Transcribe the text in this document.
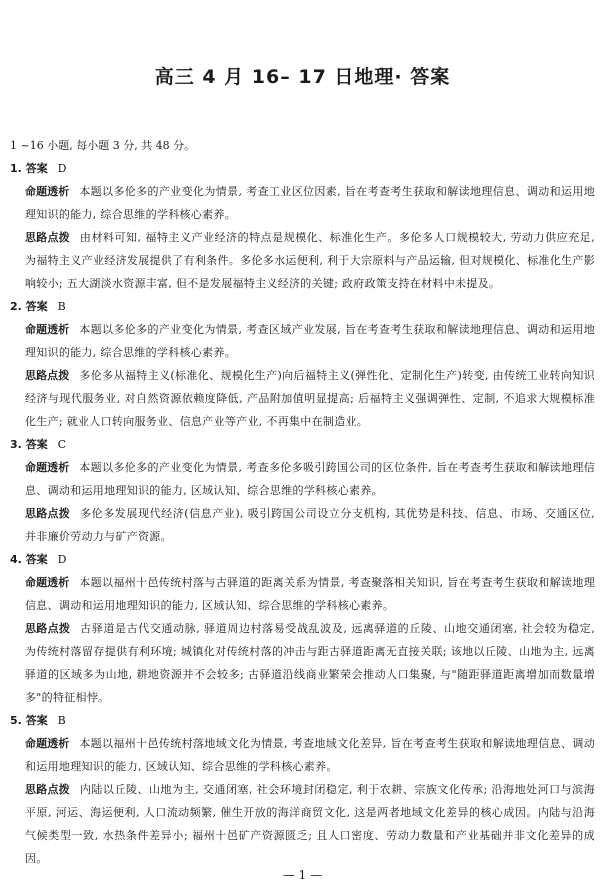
高三 4 月 16– 17 日地理· 答案
1 ~16 小题, 每小题 3 分, 共 48 分。
1. 答案 D
命题透析 本题以多伦多的产业变化为情景, 考查工业区位因素, 旨在考查考生获取和解读地理信息、调动和运用地理知识的能力, 综合思维的学科核心素养。
思路点拨 由材料可知, 福特主义产业经济的特点是规模化、标准化生产。多伦多人口规模较大, 劳动力供应充足, 为福特主义产业经济发展提供了有利条件。多伦多水运便利, 利于大宗原料与产品运输, 但对规模化、标准化生产影响较小; 五大湖淡水资源丰富, 但不是发展福特主义经济的关键; 政府政策支持在材料中未提及。
2. 答案 B
命题透析 本题以多伦多的产业变化为情景, 考查区域产业发展, 旨在考查考生获取和解读地理信息、调动和运用地理知识的能力, 综合思维的学科核心素养。
思路点拨 多伦多从福特主义(标准化、规模化生产)向后福特主义(弹性化、定制化生产)转变, 由传统工业转向知识经济与现代服务业, 对自然资源依赖度降低, 产品附加值明显提高; 后福特主义强调弹性、定制, 不追求大规模标准化生产; 就业人口转向服务业、信息产业等产业, 不再集中在制造业。
3. 答案 C
命题透析 本题以多伦多的产业变化为情景, 考查多伦多吸引跨国公司的区位条件, 旨在考查考生获取和解读地理信息、调动和运用地理知识的能力, 区域认知、综合思维的学科核心素养。
思路点拨 多伦多发展现代经济(信息产业), 吸引跨国公司设立分支机构, 其优势是科技、信息、市场、交通区位, 并非廉价劳动力与矿产资源。
4. 答案 D
命题透析 本题以福州十邑传统村落与古驿道的距离关系为情景, 考查聚落相关知识, 旨在考查考生获取和解读地理信息、调动和运用地理知识的能力, 区域认知、综合思维的学科核心素养。
思路点拨 古驿道是古代交通动脉, 驿道周边村落易受战乱波及, 远离驿道的丘陵、山地交通闭塞, 社会较为稳定, 为传统村落留存提供有利环境; 城镇化对传统村落的冲击与距古驿道距离无直接关联; 该地以丘陵、山地为主, 远离驿道的区域多为山地, 耕地资源并不会较多; 古驿道沿线商业繁荣会推动人口集聚, 与"随距驿道距离增加而数量增多"的特征相悖。
5. 答案 B
命题透析 本题以福州十邑传统村落地域文化为情景, 考查地域文化差异, 旨在考查考生获取和解读地理信息、调动和运用地理知识的能力, 区域认知、综合思维的学科核心素养。
思路点拨 内陆以丘陵、山地为主, 交通闭塞, 社会环境封闭稳定, 利于农耕、宗族文化传承; 沿海地处河口与滨海平原, 河运、海运便利, 人口流动频繁, 催生开放的海洋商贸文化, 这是两者地域文化差异的核心成因。内陆与沿海气候类型一致, 水热条件差异小; 福州十邑矿产资源匮乏; 且人口密度、劳动力数量和产业基础并非文化差异的成因。
— 1 —
